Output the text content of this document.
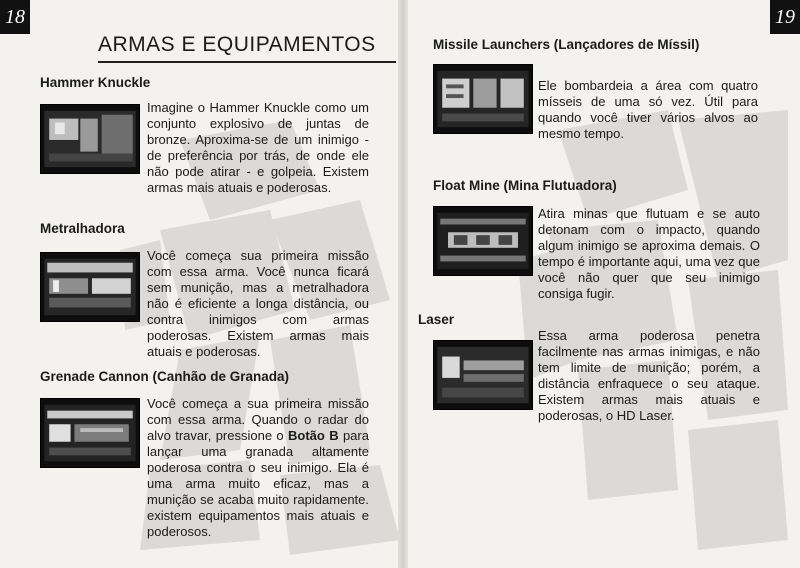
18
ARMAS E EQUIPAMENTOS
Hammer Knuckle

Imagine o Hammer Knuckle como um conjunto explosivo de juntas de bronze. Aproxima-se de um inimigo - de preferência por trás, de onde ele não pode atirar - e golpeia. Existem armas mais atuais e poderosas.

Metralhadora

Você começa sua primeira missão com essa arma. Você nunca ficará sem munição, mas a metralhadora não é eficiente a longa distância, ou contra inimigos com armas poderosas. Existem armas mais atuais e poderosas.

Grenade Cannon (Canhão de Granada)

Você começa a sua primeira missão com essa arma. Quando o radar do alvo travar, pressione o Botão B para lançar uma granada altamente poderosa contra o seu inimigo. Ela é uma arma muito eficaz, mas a munição se acaba muito rapidamente. existem equipamentos mais atuais e poderosos.

19
Missile Launchers (Lançadores de Míssil)

Ele bombardeia a área com quatro mísseis de uma só vez. Útil para quando você tiver vários alvos ao mesmo tempo.

Float Mine (Mina Flutuadora)

Atira minas que flutuam e se auto detonam com o impacto, quando algum inimigo se aproxima demais. O tempo é importante aqui, uma vez que você não quer que seu inimigo consiga fugir.

Laser

Essa arma poderosa penetra facilmente nas armas inimigas, e não tem limite de munição; porém, a distância enfraquece o seu ataque. Existem armas mais atuais e poderosas, o HD Laser.
